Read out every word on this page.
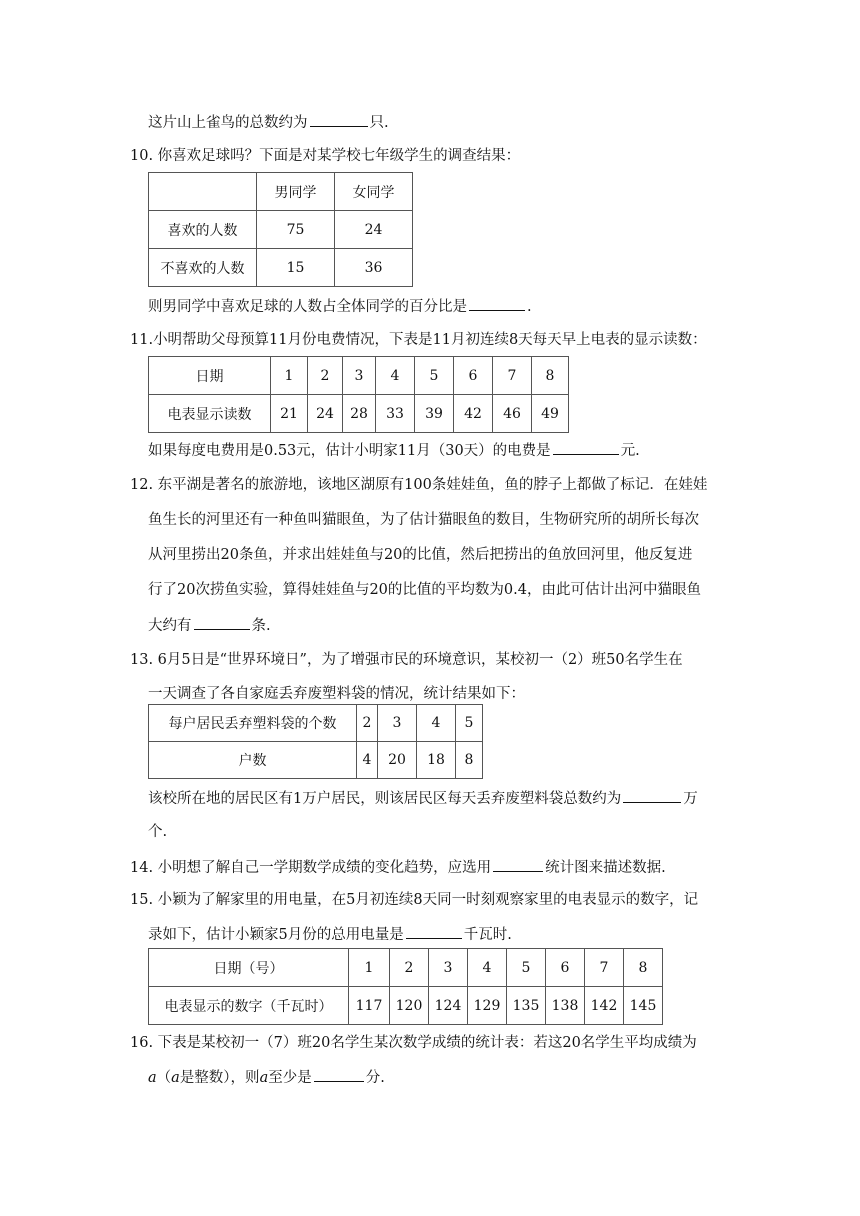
这片山上雀鸟的总数约为	只.
10. 你喜欢足球吗？下面是对某学校七年级学生的调查结果：
	男同学	女同学
喜欢的人数	75	24
不喜欢的人数	15	36
则男同学中喜欢足球的人数占全体同学的百分比是	.
11.小明帮助父母预算11月份电费情况，下表是11月初连续8天每天早上电表的显示读数：
日期	1	2	3	4	5	6	7	8
电表显示读数	21	24	28	33	39	42	46	49
如果每度电费用是0.53元，估计小明家11月（30天）的电费是	元.
12. 东平湖是著名的旅游地，该地区湖原有100条娃娃鱼，鱼的脖子上都做了标记．在娃娃
鱼生长的河里还有一种鱼叫猫眼鱼，为了估计猫眼鱼的数目，生物研究所的胡所长每次
从河里捞出20条鱼，并求出娃娃鱼与20的比值，然后把捞出的鱼放回河里，他反复进
行了20次捞鱼实验，算得娃娃鱼与20的比值的平均数为0.4，由此可估计出河中猫眼鱼
大约有	条.
13. 6月5日是“世界环境日”，为了增强市民的环境意识，某校初一（2）班50名学生在
一天调查了各自家庭丢弃废塑料袋的情况，统计结果如下：
每户居民丢弃塑料袋的个数	2	3	4	5
户数	4	20	18	8
该校所在地的居民区有1万户居民，则该居民区每天丢弃废塑料袋总数约为	万
个.
14. 小明想了解自己一学期数学成绩的变化趋势，应选用	统计图来描述数据.
15. 小颖为了解家里的用电量，在5月初连续8天同一时刻观察家里的电表显示的数字，记
录如下，估计小颖家5月份的总用电量是	千瓦时.
日期（号）	1	2	3	4	5	6	7	8
电表显示的数字（千瓦时）	117	120	124	129	135	138	142	145
16. 下表是某校初一（7）班20名学生某次数学成绩的统计表：若这20名学生平均成绩为
a（a是整数），则a至少是	分.
